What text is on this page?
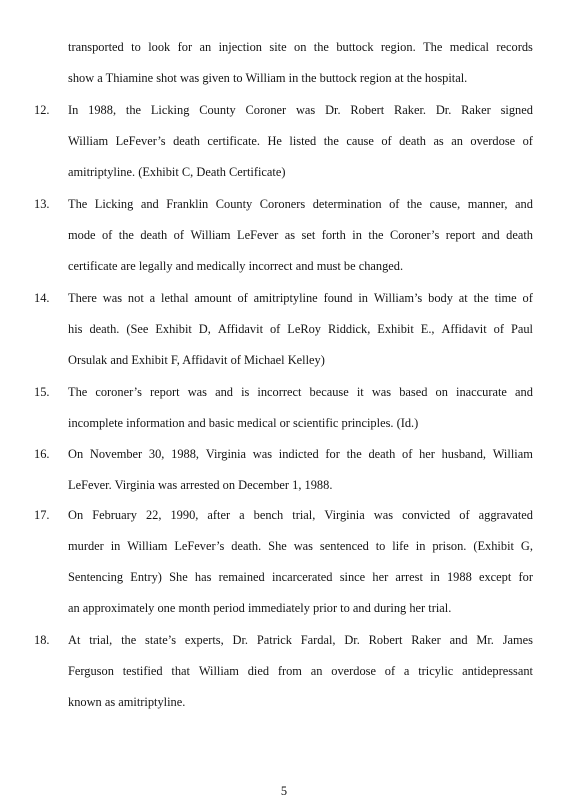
transported to look for an injection site on the buttock region. The medical records
show a Thiamine shot was given to William in the buttock region at the hospital.
12. In 1988, the Licking County Coroner was Dr. Robert Raker. Dr. Raker signed
William LeFever’s death certificate. He listed the cause of death as an overdose of
amitriptyline. (Exhibit C, Death Certificate)
13. The Licking and Franklin County Coroners determination of the cause, manner, and
mode of the death of William LeFever as set forth in the Coroner’s report and death
certificate are legally and medically incorrect and must be changed.
14. There was not a lethal amount of amitriptyline found in William’s body at the time of
his death. (See Exhibit D, Affidavit of LeRoy Riddick, Exhibit E., Affidavit of Paul
Orsulak and Exhibit F, Affidavit of Michael Kelley)
15. The coroner’s report was and is incorrect because it was based on inaccurate and
incomplete information and basic medical or scientific principles. (Id.)
16. On November 30, 1988, Virginia was indicted for the death of her husband, William
LeFever. Virginia was arrested on December 1, 1988.
17. On February 22, 1990, after a bench trial, Virginia was convicted of aggravated
murder in William LeFever’s death. She was sentenced to life in prison. (Exhibit G,
Sentencing Entry) She has remained incarcerated since her arrest in 1988 except for
an approximately one month period immediately prior to and during her trial.
18. At trial, the state’s experts, Dr. Patrick Fardal, Dr. Robert Raker and Mr. James
Ferguson testified that William died from an overdose of a tricylic antidepressant
known as amitriptyline.
5
